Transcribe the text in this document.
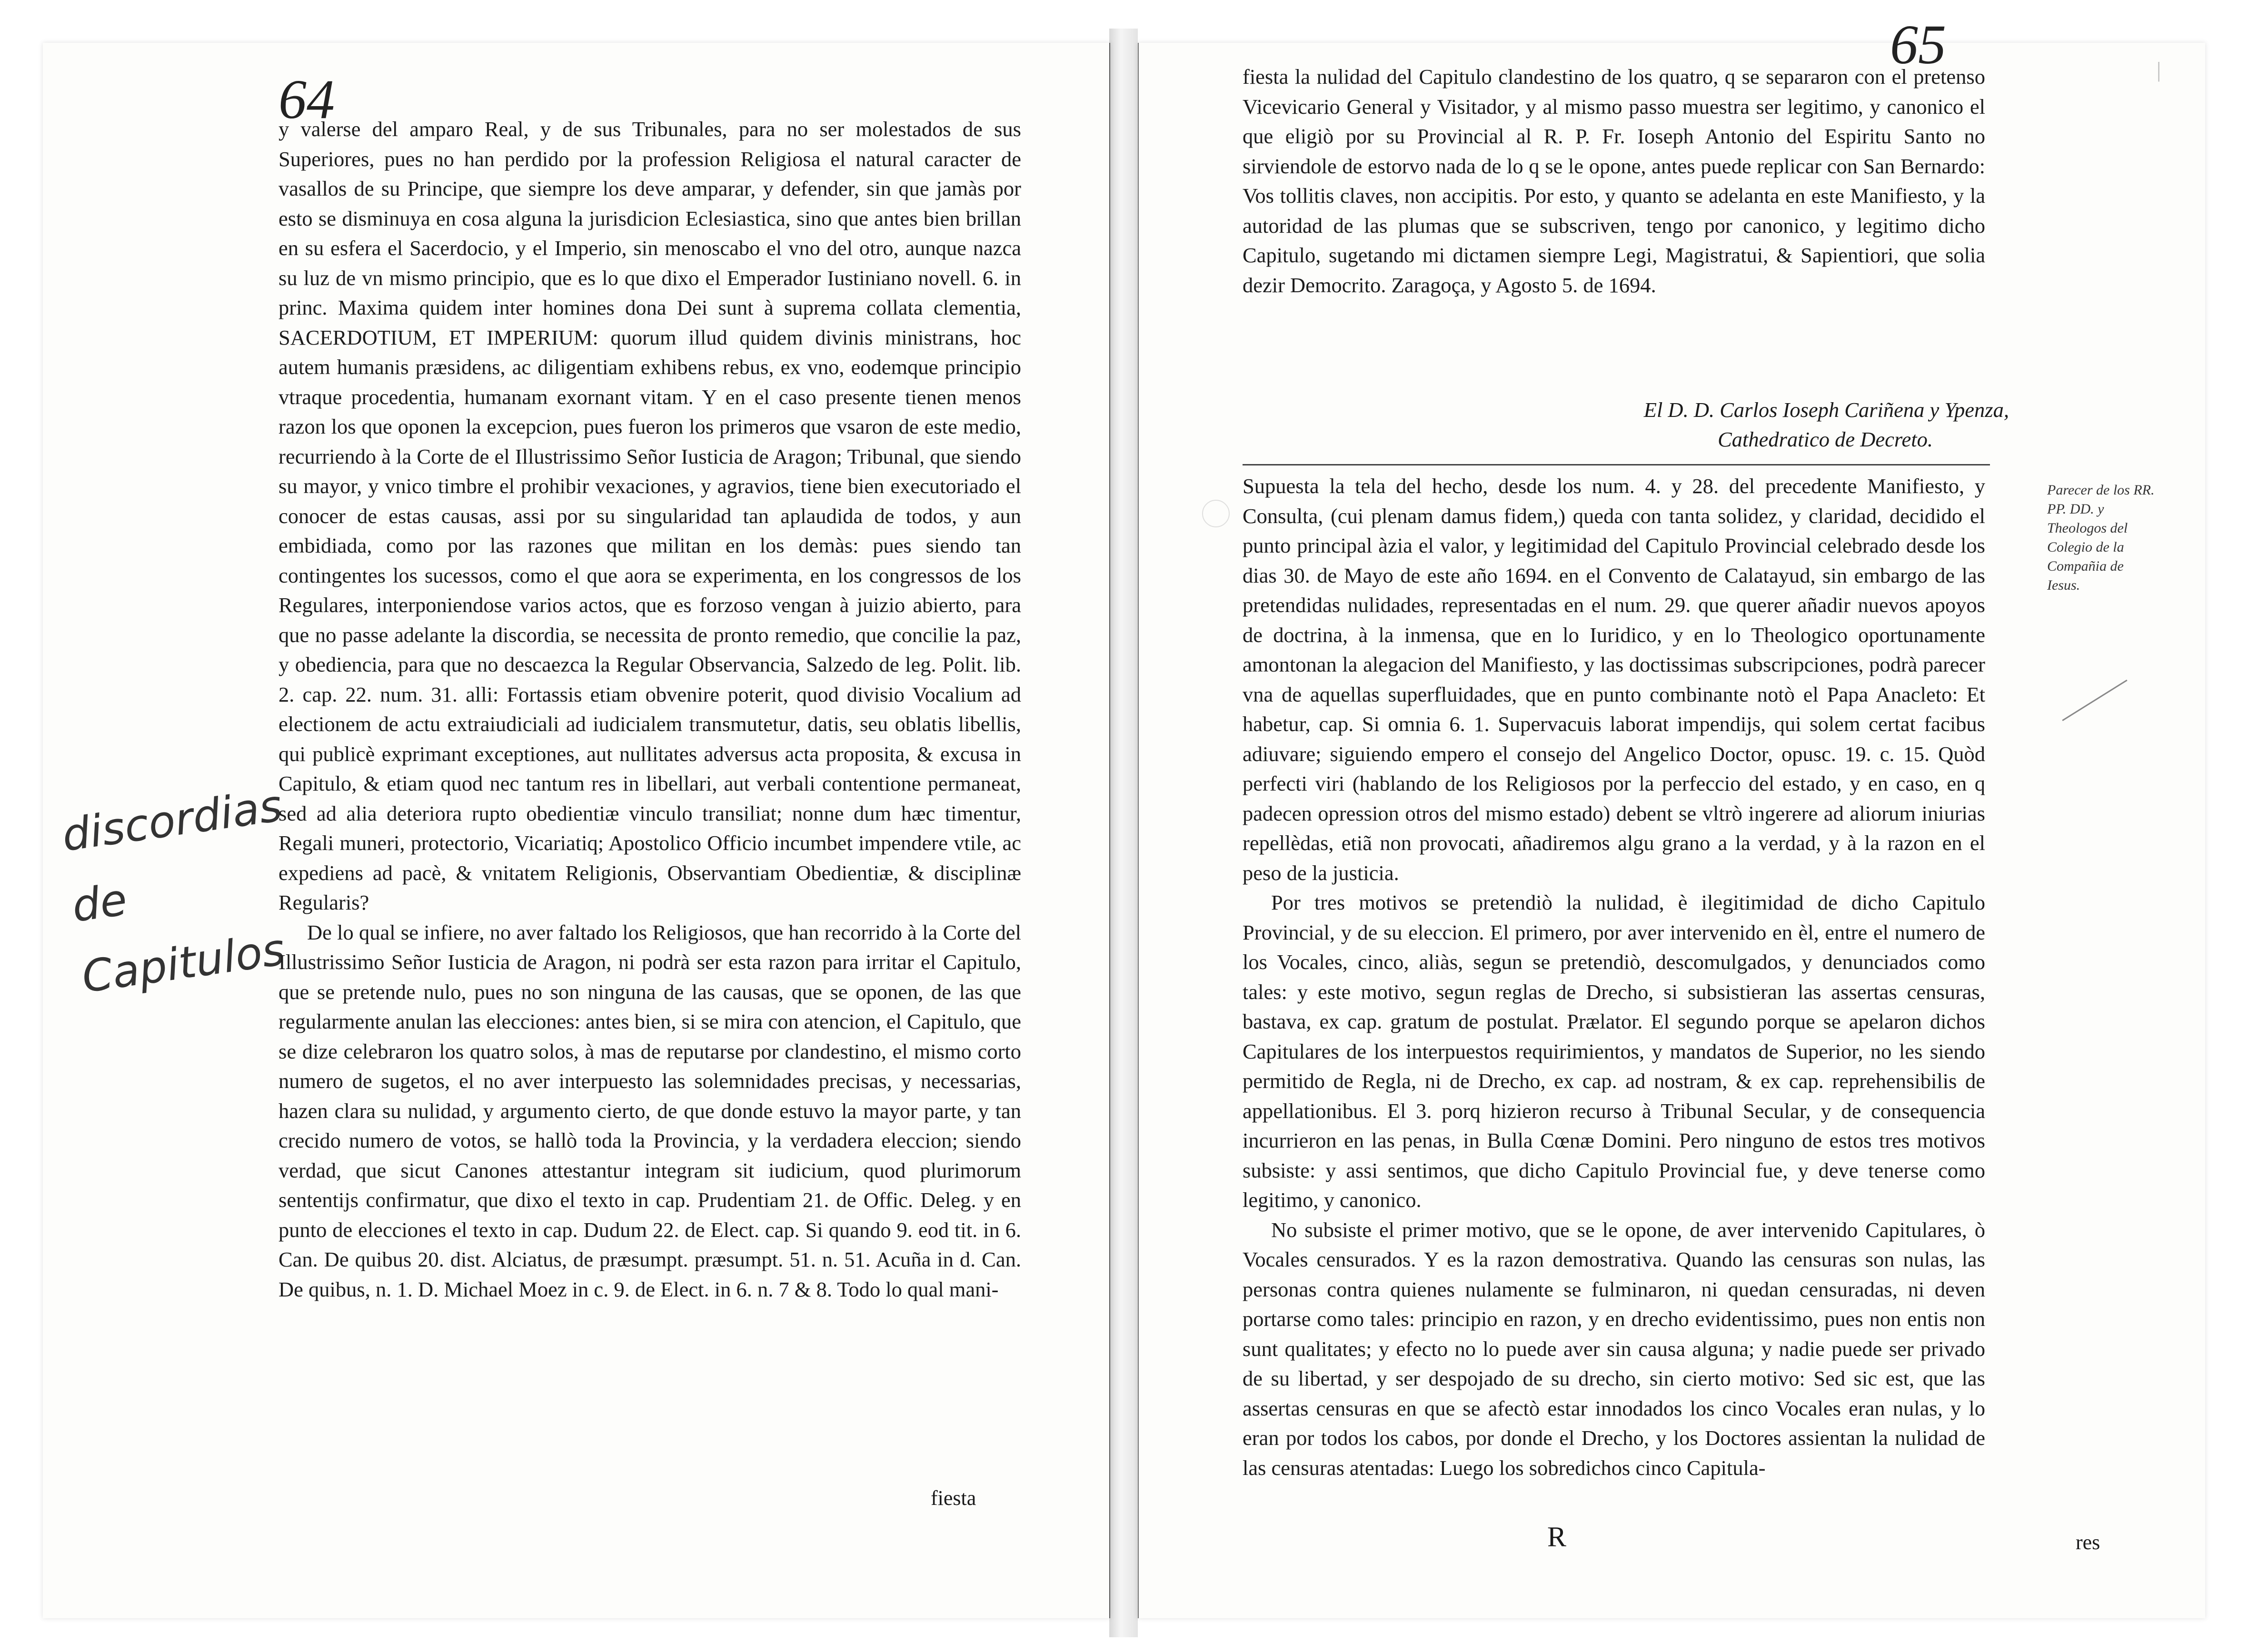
64
discordias de Capitulos

y valerse del amparo Real, y de sus Tribunales, para no ser molestados de sus Superiores, pues no han perdido por la profession Religiosa el natural caracter de vasallos de su Principe, que siempre los deve amparar, y defender, sin que jamàs por esto se disminuya en cosa alguna la jurisdicion Eclesiastica, sino que antes bien brillan en su esfera el Sacerdocio, y el Imperio, sin menoscabo el vno del otro, aunque nazca su luz de vn mismo principio, que es lo que dixo el Emperador Iustiniano novell. 6. in princ. Maxima quidem inter homines dona Dei sunt à suprema collata clementia, SACERDOTIUM, ET IMPERIUM: quorum illud quidem divinis ministrans, hoc autem humanis præsidens, ac diligentiam exhibens rebus, ex vno, eodemque principio vtraque procedentia, humanam exornant vitam. Y en el caso presente tienen menos razon los que oponen la excepcion, pues fueron los primeros que vsaron de este medio, recurriendo à la Corte de el Illustrissimo Señor Iusticia de Aragon; Tribunal, que siendo su mayor, y vnico timbre el prohibir vexaciones, y agravios, tiene bien executoriado el conocer de estas causas, assi por su singularidad tan aplaudida de todos, y aun embidiada, como por las razones que militan en los demàs: pues siendo tan contingentes los sucessos, como el que aora se experimenta, en los congressos de los Regulares, interponiendose varios actos, que es forzoso vengan à juizio abierto, para que no passe adelante la discordia, se necessita de pronto remedio, que concilie la paz, y obediencia, para que no descaezca la Regular Observancia, Salzedo de leg. Polit. lib. 2. cap. 22. num. 31. alli: Fortassis etiam obvenire poterit, quod divisio Vocalium ad electionem de actu extraiudiciali ad iudicialem transmutetur, datis, seu oblatis libellis, qui publicè exprimant exceptiones, aut nullitates adversus acta proposita, & excusa in Capitulo, & etiam quod nec tantum res in libellari, aut verbali contentione permaneat, sed ad alia deteriora rupto obedientiæ vinculo transiliat; nonne dum hæc timentur, Regali muneri, protectorio, Vicariatiq; Apostolico Officio incumbet impendere vtile, ac expediens ad pacè, & vnitatem Religionis, Observantiam Obedientiæ, & disciplinæ Regularis?

De lo qual se infiere, no aver faltado los Religiosos, que han recorrido à la Corte del Illustrissimo Señor Iusticia de Aragon, ni podrà ser esta razon para irritar el Capitulo, que se pretende nulo, pues no son ninguna de las causas, que se oponen, de las que regularmente anulan las elecciones: antes bien, si se mira con atencion, el Capitulo, que se dize celebraron los quatro solos, à mas de reputarse por clandestino, el mismo corto numero de sugetos, el no aver interpuesto las solemnidades precisas, y necessarias, hazen clara su nulidad, y argumento cierto, de que donde estuvo la mayor parte, y tan crecido numero de votos, se hallò toda la Provincia, y la verdadera eleccion; siendo verdad, que sicut Canones attestantur integram sit iudicium, quod plurimorum sententijs confirmatur, que dixo el texto in cap. Prudentiam 21. de Offic. Deleg. y en punto de elecciones el texto in cap. Dudum 22. de Elect. cap. Si quando 9. eod tit. in 6. Can. De quibus 20. dist. Alciatus, de præsumpt. præsumpt. 51. n. 51. Acuña in d. Can. De quibus, n. 1. D. Michael Moez in c. 9. de Elect. in 6. n. 7 & 8. Todo lo qual mani-

fiesta
65	|

fiesta la nulidad del Capitulo clandestino de los quatro, q se separaron con el pretenso Vicevicario General y Visitador, y al mismo passo muestra ser legitimo, y canonico el que eligiò por su Provincial al R. P. Fr. Ioseph Antonio del Espiritu Santo no sirviendole de estorvo nada de lo q se le opone, antes puede replicar con San Bernardo: Vos tollitis claves, non accipitis. Por esto, y quanto se adelanta en este Manifiesto, y la autoridad de las plumas que se subscriven, tengo por canonico, y legitimo dicho Capitulo, sugetando mi dictamen siempre Legi, Magistratui, & Sapientiori, que solia dezir Democrito. Zaragoça, y Agosto 5. de 1694.

El D. D. Carlos Ioseph Cariñena y Ypenza,
Cathedratico de Decreto.
Parecer de los RR. PP. DD. y Theologos del Colegio de la Compañia de Iesus.

Supuesta la tela del hecho, desde los num. 4. y 28. del precedente Manifiesto, y Consulta, (cui plenam damus fidem,) queda con tanta solidez, y claridad, decidido el punto principal àzia el valor, y legitimidad del Capitulo Provincial celebrado desde los dias 30. de Mayo de este año 1694. en el Convento de Calatayud, sin embargo de las pretendidas nulidades, representadas en el num. 29. que querer añadir nuevos apoyos de doctrina, à la inmensa, que en lo Iuridico, y en lo Theologico oportunamente amontonan la alegacion del Manifiesto, y las doctissimas subscripciones, podrà parecer vna de aquellas superfluidades, que en punto combinante notò el Papa Anacleto: Et habetur, cap. Si omnia 6. 1. Supervacuis laborat impendijs, qui solem certat facibus adiuvare; siguiendo empero el consejo del Angelico Doctor, opusc. 19. c. 15. Quòd perfecti viri (hablando de los Religiosos por la perfeccio del estado, y en caso, en q padecen opression otros del mismo estado) debent se vltrò ingerere ad aliorum iniurias repellèdas, etiã non provocati, añadiremos algu grano a la verdad, y à la razon en el peso de la justicia.

Por tres motivos se pretendiò la nulidad, è ilegitimidad de dicho Capitulo Provincial, y de su eleccion. El primero, por aver intervenido en èl, entre el numero de los Vocales, cinco, aliàs, segun se pretendiò, descomulgados, y denunciados como tales: y este motivo, segun reglas de Drecho, si subsistieran las assertas censuras, bastava, ex cap. gratum de postulat. Prælator. El segundo porque se apelaron dichos Capitulares de los interpuestos requirimientos, y mandatos de Superior, no les siendo permitido de Regla, ni de Drecho, ex cap. ad nostram, & ex cap. reprehensibilis de appellationibus. El 3. porq hizieron recurso à Tribunal Secular, y de consequencia incurrieron en las penas, in Bulla Cœnæ Domini. Pero ninguno de estos tres motivos subsiste: y assi sentimos, que dicho Capitulo Provincial fue, y deve tenerse como legitimo, y canonico.

No subsiste el primer motivo, que se le opone, de aver intervenido Capitulares, ò Vocales censurados. Y es la razon demostrativa. Quando las censuras son nulas, las personas contra quienes nulamente se fulminaron, ni quedan censuradas, ni deven portarse como tales: principio en razon, y en drecho evidentissimo, pues non entis non sunt qualitates; y efecto no lo puede aver sin causa alguna; y nadie puede ser privado de su libertad, y ser despojado de su drecho, sin cierto motivo: Sed sic est, que las assertas censuras en que se afectò estar innodados los cinco Vocales eran nulas, y lo eran por todos los cabos, por donde el Drecho, y los Doctores assientan la nulidad de las censuras atentadas: Luego los sobredichos cinco Capitula-

R	res
